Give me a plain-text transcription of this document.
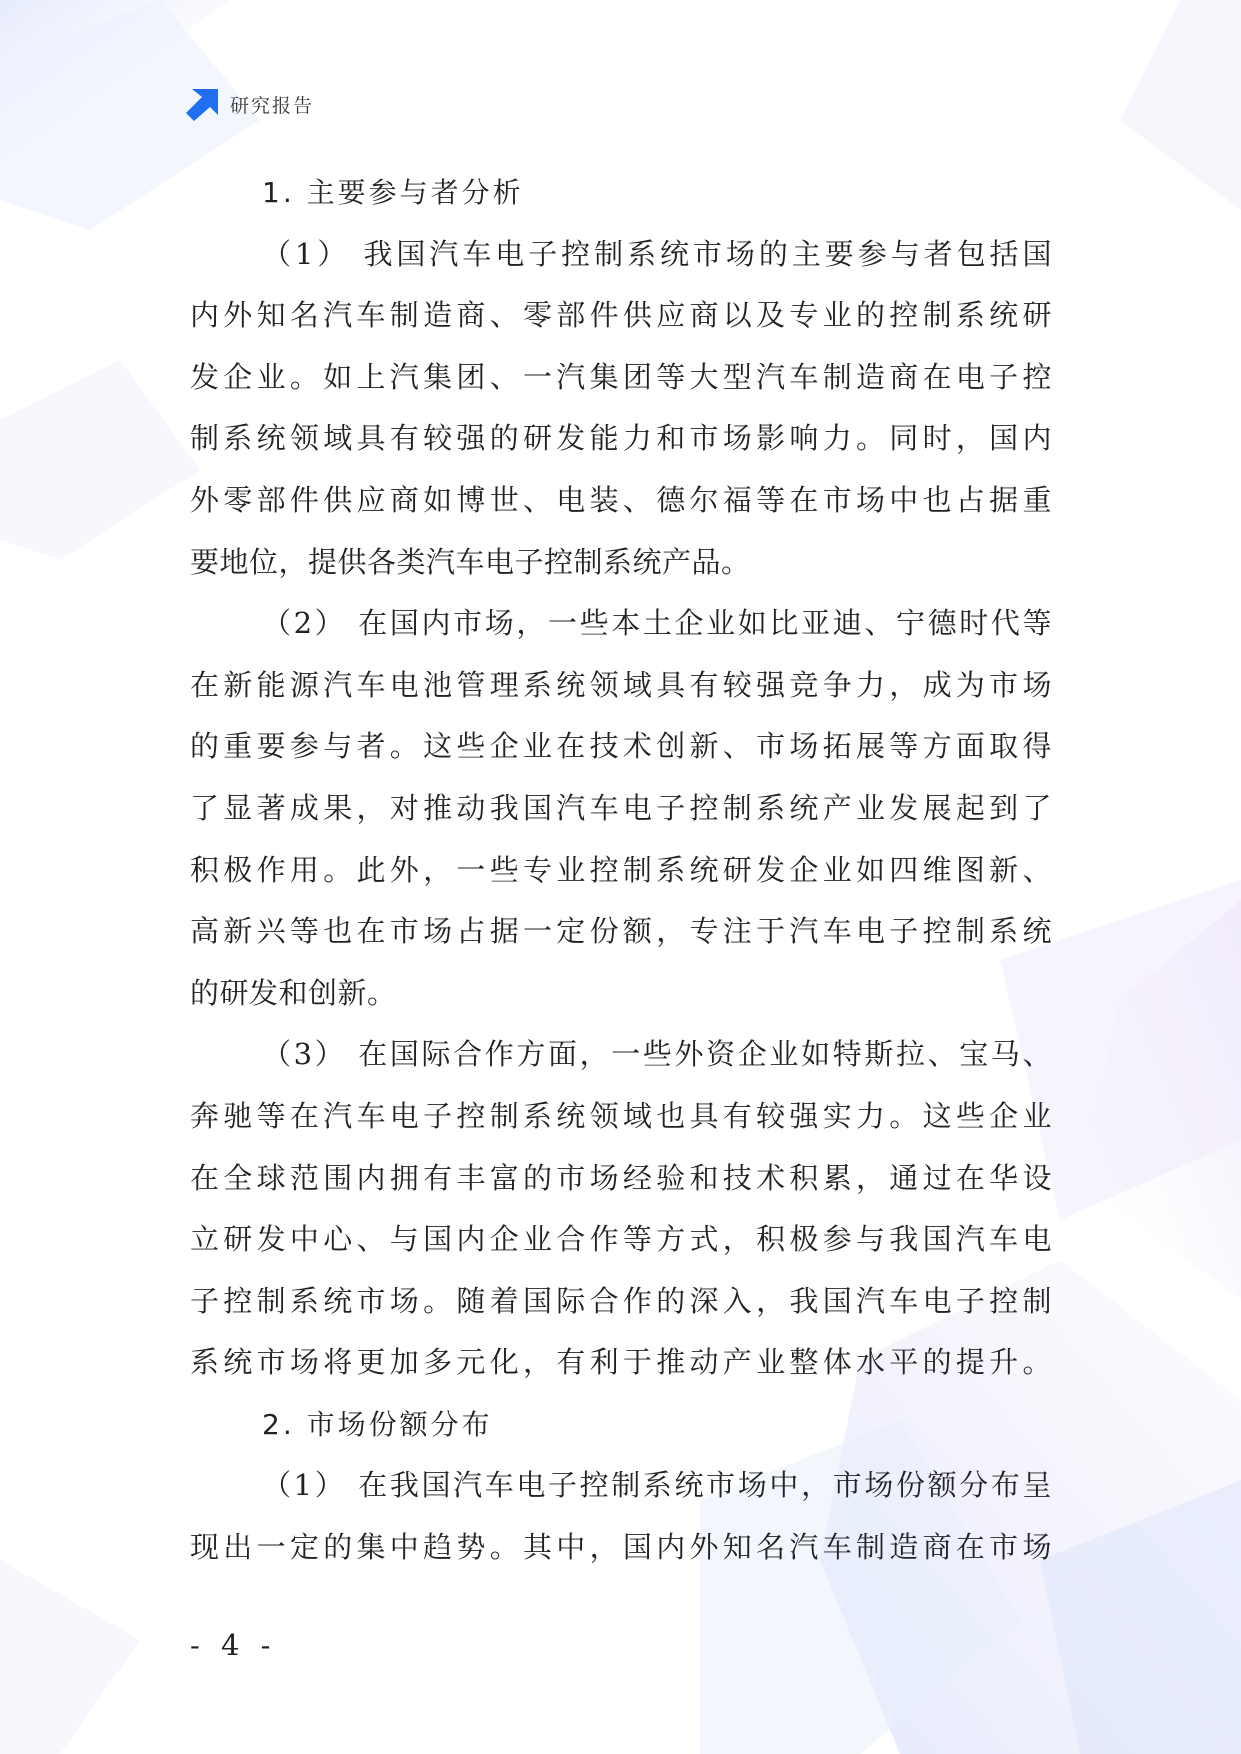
研究报告
1. 主要参与者分析
（1） 我国汽车电子控制系统市场的主要参与者包括国
内外知名汽车制造商、零部件供应商以及专业的控制系统研
发企业。如上汽集团、一汽集团等大型汽车制造商在电子控
制系统领域具有较强的研发能力和市场影响力。同时，国内
外零部件供应商如博世、电装、德尔福等在市场中也占据重
要地位，提供各类汽车电子控制系统产品。
（2） 在国内市场，一些本土企业如比亚迪、宁德时代等
在新能源汽车电池管理系统领域具有较强竞争力，成为市场
的重要参与者。这些企业在技术创新、市场拓展等方面取得
了显著成果，对推动我国汽车电子控制系统产业发展起到了
积极作用。此外，一些专业控制系统研发企业如四维图新、
高新兴等也在市场占据一定份额，专注于汽车电子控制系统
的研发和创新。
（3） 在国际合作方面，一些外资企业如特斯拉、宝马、
奔驰等在汽车电子控制系统领域也具有较强实力。这些企业
在全球范围内拥有丰富的市场经验和技术积累，通过在华设
立研发中心、与国内企业合作等方式，积极参与我国汽车电
子控制系统市场。随着国际合作的深入，我国汽车电子控制
系统市场将更加多元化，有利于推动产业整体水平的提升。
2. 市场份额分布
（1） 在我国汽车电子控制系统市场中，市场份额分布呈
现出一定的集中趋势。其中，国内外知名汽车制造商在市场
- 4 -
